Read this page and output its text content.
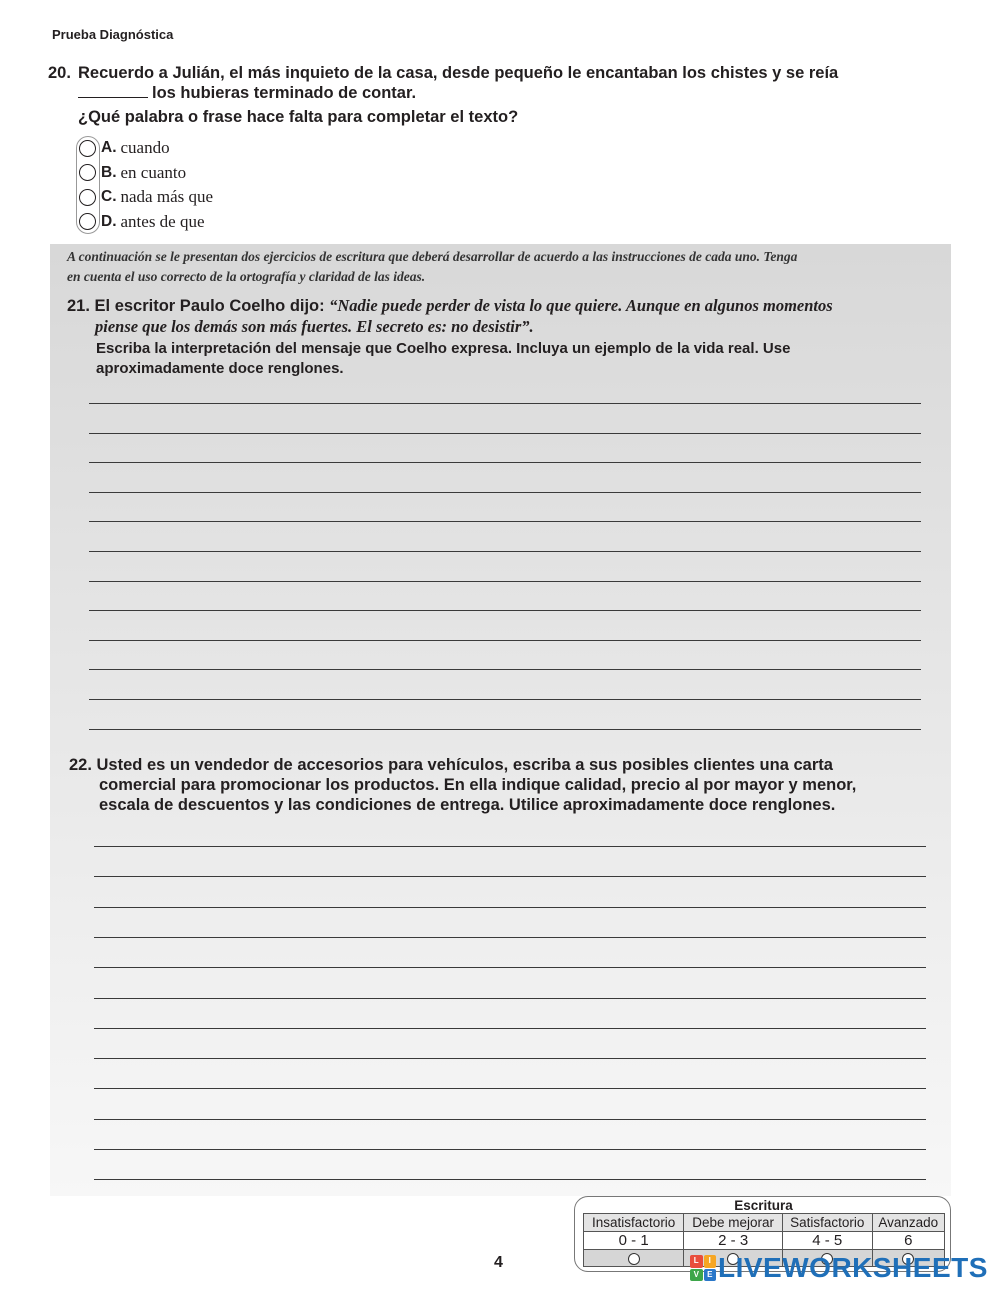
Prueba Diagnóstica
20. Recuerdo a Julián, el más inquieto de la casa, desde pequeño le encantaban los chistes y se reía
los hubieras terminado de contar.
¿Qué palabra o frase hace falta para completar el texto?
A. cuando
B. en cuanto
C. nada más que
D. antes de que
A continuación se le presentan dos ejercicios de escritura que deberá desarrollar de acuerdo a las instrucciones de cada uno. Tenga
en cuenta el uso correcto de la ortografía y claridad de las ideas.
21. El escritor Paulo Coelho dijo: “Nadie puede perder de vista lo que quiere. Aunque en algunos momentos
piense que los demás son más fuertes. El secreto es: no desistir”.
Escriba la interpretación del mensaje que Coelho expresa. Incluya un ejemplo de la vida real. Use
aproximadamente doce renglones.
22. Usted es un vendedor de accesorios para vehículos, escriba a sus posibles clientes una carta
comercial para promocionar los productos. En ella indique calidad, precio al por mayor y menor,
escala de descuentos y las condiciones de entrega. Utilice aproximadamente doce renglones.
Escritura
Insatisfactorio	Debe mejorar	Satisfactorio	Avanzado
0 - 1	2 - 3	4 - 5	6

4	L	I
V	E LIVEWORKSHEETS
